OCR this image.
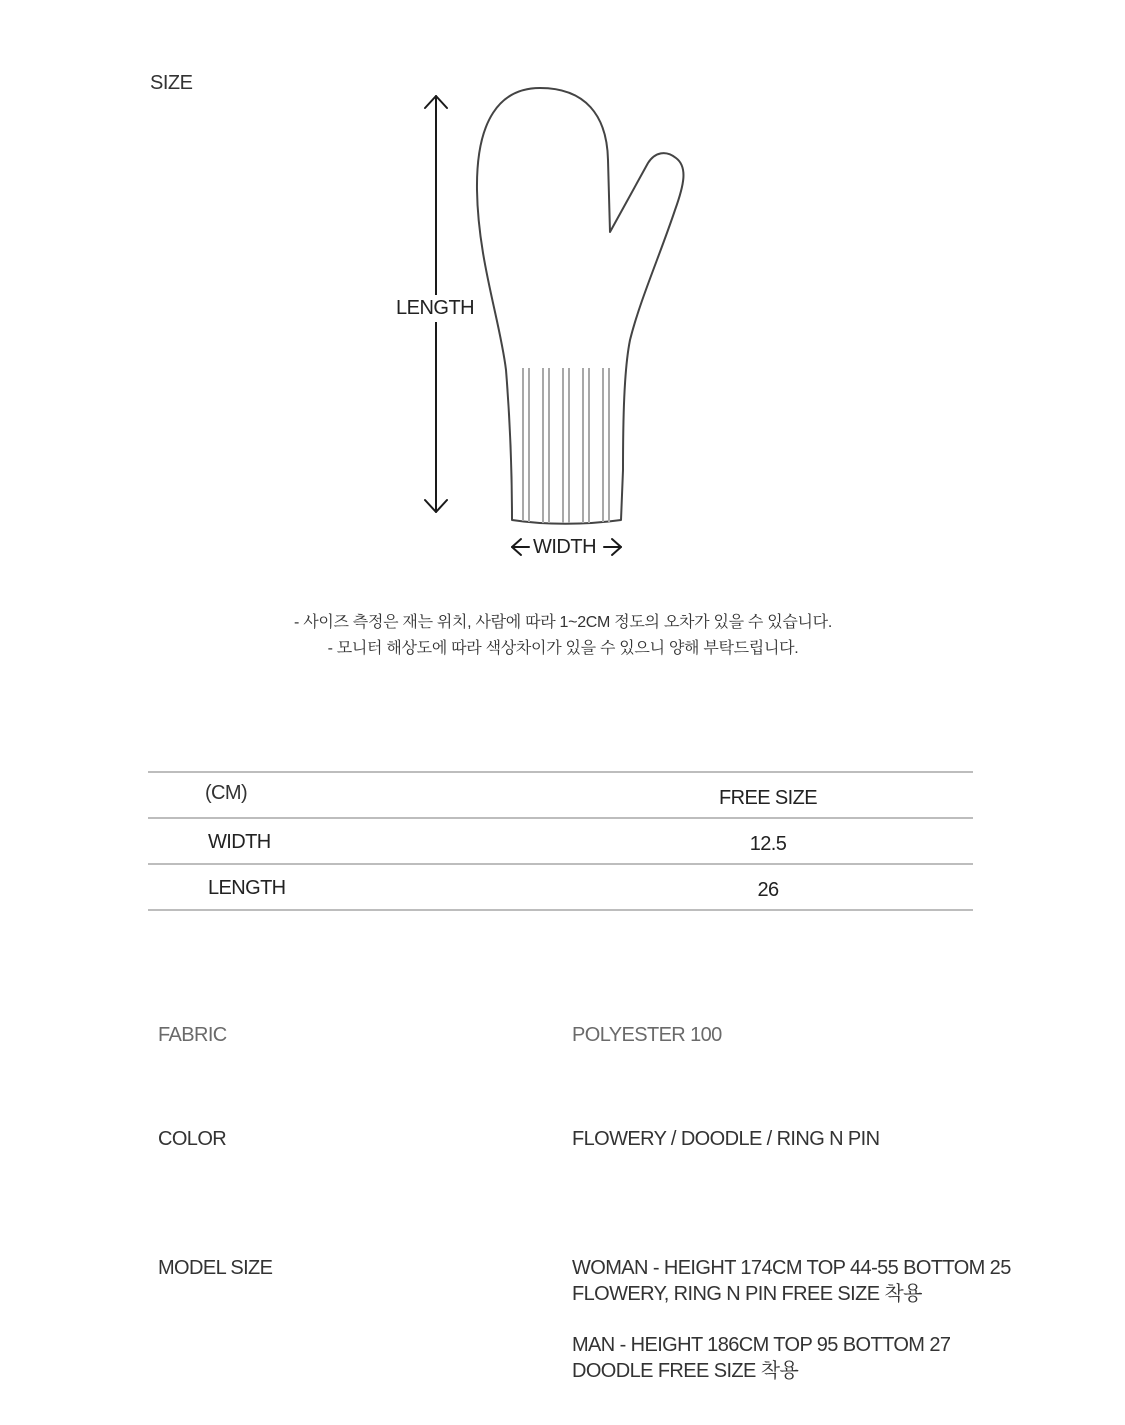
SIZE
LENGTH
WIDTH
- 사이즈 측정은 재는 위치, 사람에 따라 1~2CM 정도의 오차가 있을 수 있습니다.
- 모니터 해상도에 따라 색상차이가 있을 수 있으니 양해 부탁드립니다.
(CM)	FREE SIZE
WIDTH	12.5
LENGTH	26
FABRIC	POLYESTER 100
COLOR	FLOWERY / DOODLE / RING N PIN
MODEL SIZE	WOMAN - HEIGHT 174CM TOP 44-55 BOTTOM 25
FLOWERY, RING N PIN FREE SIZE 착용
MAN - HEIGHT 186CM TOP 95 BOTTOM 27
DOODLE FREE SIZE 착용
